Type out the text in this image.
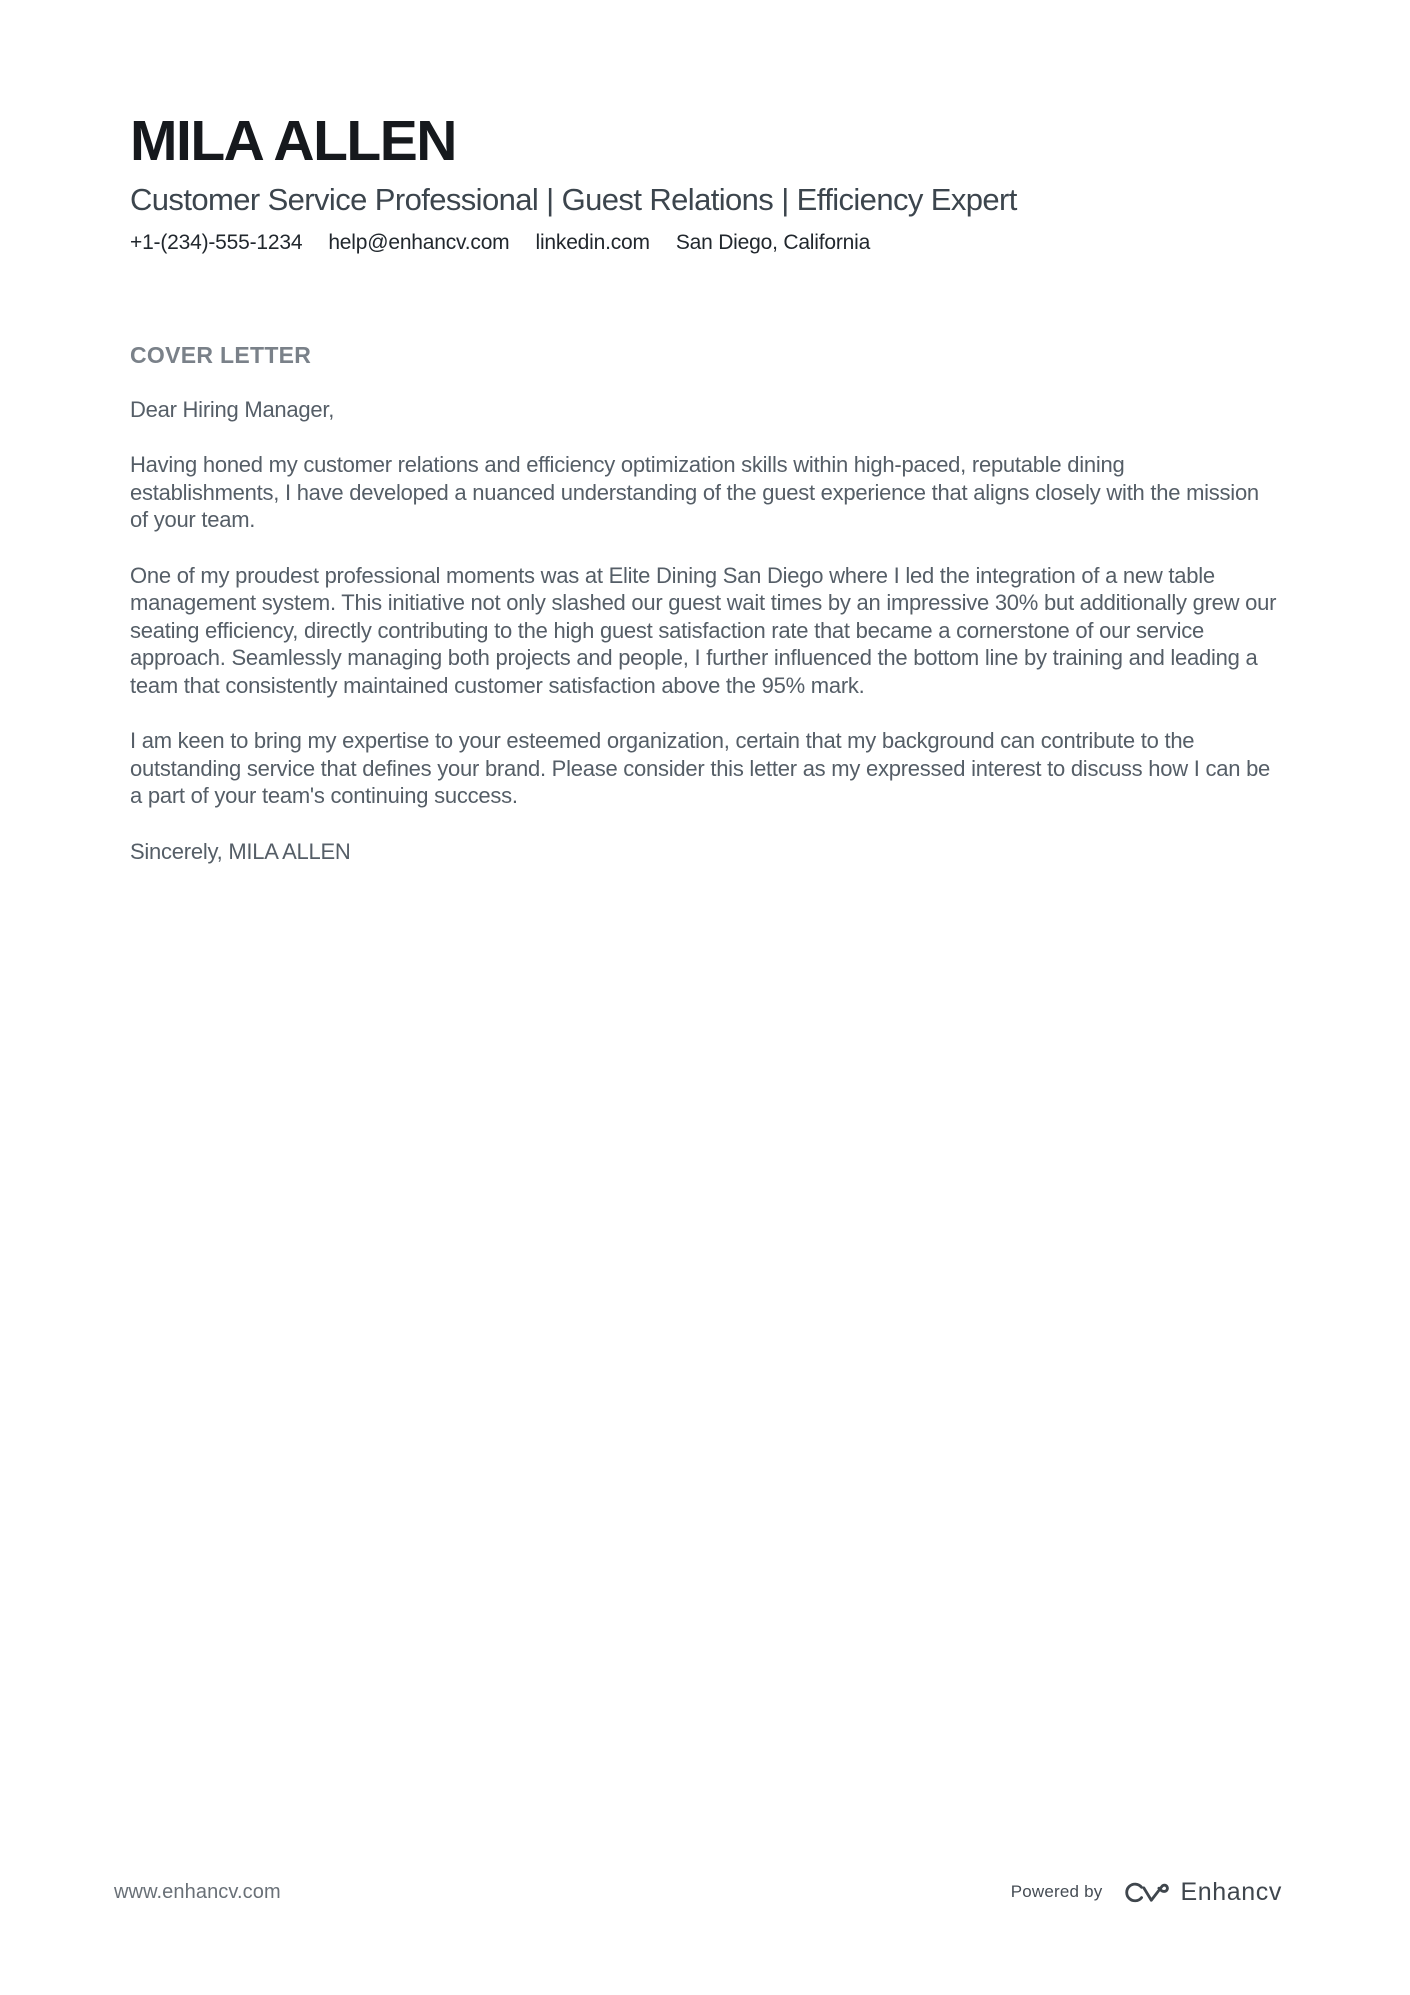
MILA ALLEN
Customer Service Professional | Guest Relations | Efficiency Expert
+1-(234)-555-1234 help@enhancv.com linkedin.com San Diego, California
COVER LETTER

Dear Hiring Manager,

Having honed my customer relations and efficiency optimization skills within high-paced, reputable dining establishments, I have developed a nuanced understanding of the guest experience that aligns closely with the mission of your team.

One of my proudest professional moments was at Elite Dining San Diego where I led the integration of a new table management system. This initiative not only slashed our guest wait times by an impressive 30% but additionally grew our seating efficiency, directly contributing to the high guest satisfaction rate that became a cornerstone of our service approach. Seamlessly managing both projects and people, I further influenced the bottom line by training and leading a team that consistently maintained customer satisfaction above the 95% mark.

I am keen to bring my expertise to your esteemed organization, certain that my background can contribute to the outstanding service that defines your brand. Please consider this letter as my expressed interest to discuss how I can be a part of your team's continuing success.

Sincerely, MILA ALLEN

www.enhancv.com	Powered by	Enhancv
